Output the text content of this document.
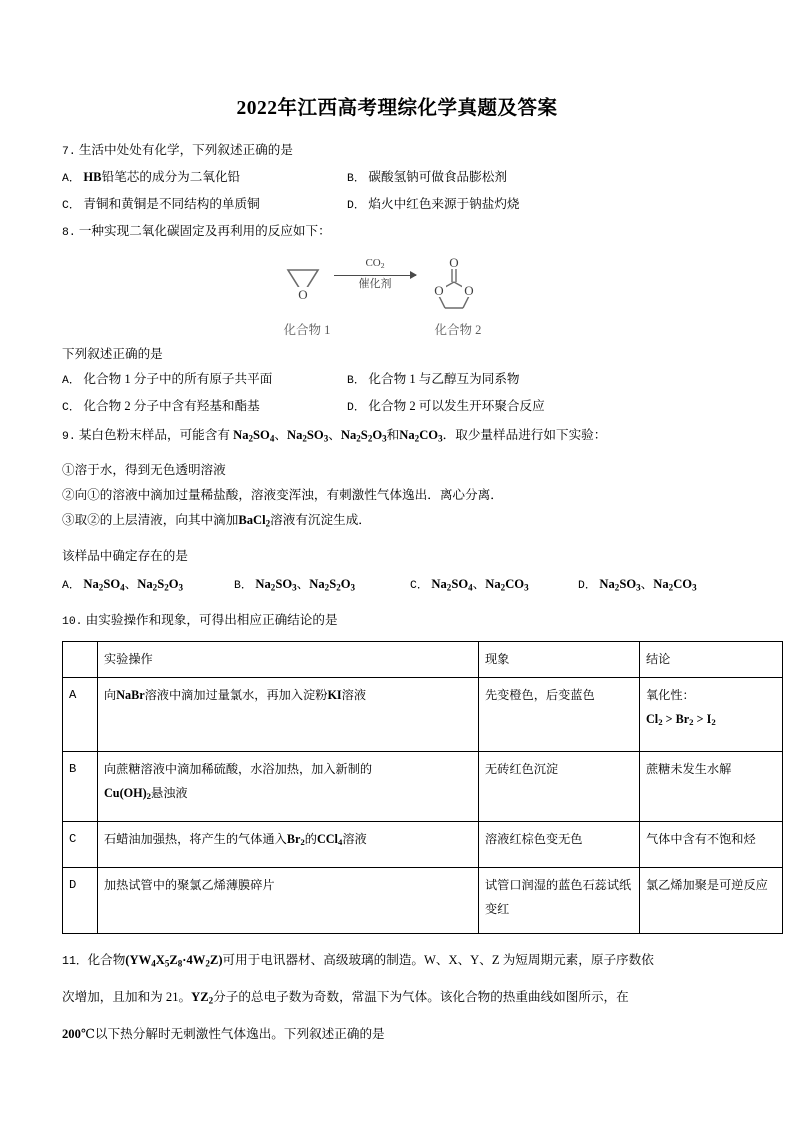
2022年江西高考理综化学真题及答案
7. 生活中处处有化学，下列叙述正确的是
A． HB铅笔芯的成分为二氧化铅	B． 碳酸氢钠可做食品膨松剂
C． 青铜和黄铜是不同结构的单质铜	D． 焰火中红色来源于钠盐灼烧
8. 一种实现二氧化碳固定及再利用的反应如下：
O
$CO_2$
催化剂
O
O O
化合物 1	化合物 2
下列叙述正确的是
A． 化合物 1 分子中的所有原子共平面	B． 化合物 1 与乙醇互为同系物
C． 化合物 2 分子中含有羟基和酯基	D． 化合物 2 可以发生开环聚合反应
9. 某白色粉末样品，可能含有 $Na_2SO_4$、$Na_2SO_3$、$Na_2S_2O_3$和$Na_2CO_3$．取少量样品进行如下实验：
①溶于水，得到无色透明溶液
②向①的溶液中滴加过量稀盐酸，溶液变浑浊，有刺激性气体逸出．离心分离．
③取②的上层清液，向其中滴加BaCl$_2$溶液有沉淀生成．
该样品中确定存在的是
A． $Na_2SO_4$、$Na_2S_2O_3$	B． $Na_2SO_3$、$Na_2S_2O_3$	C． $Na_2SO_4$、$Na_2CO_3$	D． $Na_2SO_3$、$Na_2CO_3$
10. 由实验操作和现象，可得出相应正确结论的是
	实验操作	现象	结论
A	向NaBr溶液中滴加过量氯水，再加入淀粉KI溶液	先变橙色，后变蓝色	氧化性：
$Cl_2 > Br_2 > I_2$

B	向蔗糖溶液中滴加稀硫酸，水浴加热，加入新制的
$Cu(OH)_2$悬浊液	无砖红色沉淀	蔗糖未发生水解
C	石蜡油加强热，将产生的气体通入$Br_2$的CCl$_4$溶液	溶液红棕色变无色	气体中含有不饱和烃
D	加热试管中的聚氯乙烯薄膜碎片	试管口润湿的蓝色石蕊试纸变红	氯乙烯加聚是可逆反应

11．化合物$(YW_4X_5Z_8\cdot 4W_2Z)$可用于电讯器材、高级玻璃的制造。W、X、Y、Z 为短周期元素，原子序数依

次增加，且加和为 21。$YZ_2$分子的总电子数为奇数，常温下为气体。该化合物的热重曲线如图所示，在

200℃以下热分解时无刺激性气体逸出。下列叙述正确的是
